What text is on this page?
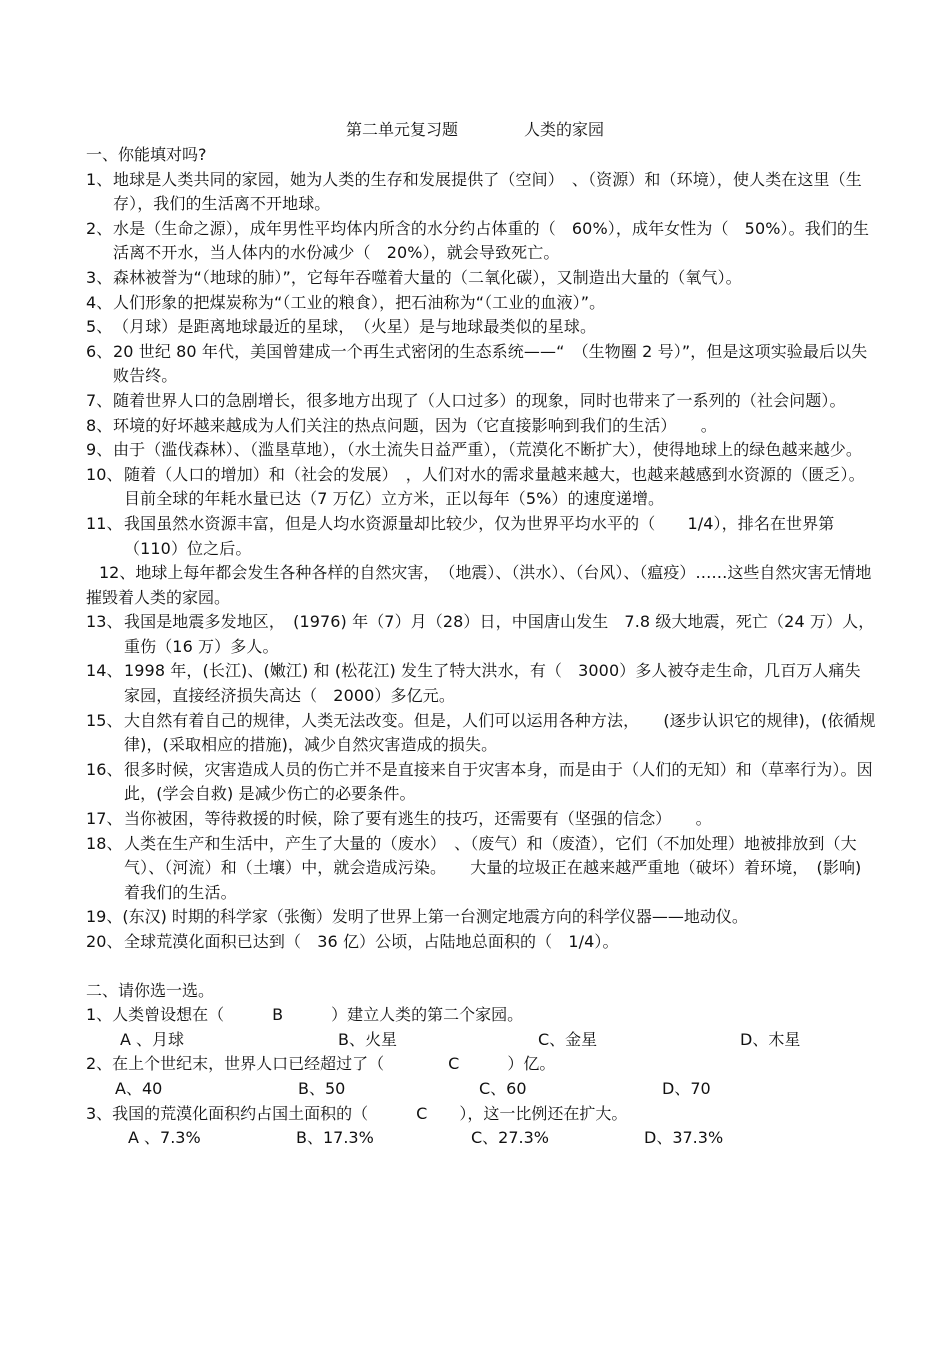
第二单元复习题	人类的家园
一、你能填对吗?
1、 地球是人类共同的家园，她为人类的生存和发展提供了（空间）　、（资源）和（环境），使人类在这里（生存），我们的生活离不开地球。
2、 水是（生命之源），成年男性平均体内所含的水分约占体重的（　60%），成年女性为（　50%）。我们的生活离不开水，当人体内的水份减少（　20%），就会导致死亡。
3、 森林被誉为“（地球的肺）”，它每年吞噬着大量的（二氧化碳），又制造出大量的（氧气）。
4、 人们形象的把煤炭称为“（工业的粮食），把石油称为“（工业的血液）”。
5、 （月球）是距离地球最近的星球，　（火星）是与地球最类似的星球。
6、 20 世纪 80 年代，美国曾建成一个再生式密闭的生态系统——“　（生物圈 2 号）”，但是这项实验最后以失败告终。
7、 随着世界人口的急剧增长，很多地方出现了（人口过多）的现象，同时也带来了一系列的（社会问题）。
8、 环境的好坏越来越成为人们关注的热点问题，因为（它直接影响到我们的生活）　　。
9、 由于（滥伐森林）、（滥垦草地），（水土流失日益严重），（荒漠化不断扩大），使得地球上的绿色越来越少。
10、 随着（人口的增加）和（社会的发展）　，人们对水的需求量越来越大，也越来越感到水资源的（匮乏）。目前全球的年耗水量已达（7 万亿）立方米，正以每年（5%）的速度递增。
11、 我国虽然水资源丰富，但是人均水资源量却比较少，仅为世界平均水平的（　　1/4），排名在世界第（110）位之后。
12、地球上每年都会发生各种各样的自然灾害，　（地震）、（洪水）、（台风）、（瘟疫）……这些自然灾害无情地摧毁着人类的家园。
13、 我国是地震多发地区，　(1976) 年（7）月（28）日，中国唐山发生　7.8 级大地震，死亡（24 万）人，重伤（16 万）多人。
14、 1998 年，(长江)、(嫩江) 和 (松花江) 发生了特大洪水，有（　3000）多人被夺走生命，几百万人痛失家园，直接经济损失高达（　2000）多亿元。
15、 大自然有着自己的规律，人类无法改变。但是，人们可以运用各种方法，　　(逐步认识它的规律)，(依循规律)，(采取相应的措施)，减少自然灾害造成的损失。
16、 很多时候，灾害造成人员的伤亡并不是直接来自于灾害本身，而是由于（人们的无知）和（草率行为）。因此，(学会自救) 是减少伤亡的必要条件。
17、 当你被困，等待救援的时候，除了要有逃生的技巧，还需要有（坚强的信念）　　。
18、 人类在生产和生活中，产生了大量的（废水）　、（废气）和（废渣），它们（不加处理）地被排放到（大气）、（河流）和（土壤）中，就会造成污染。　　大量的垃圾正在越来越严重地（破坏）着环境，　(影响) 着我们的生活。
19、(东汉) 时期的科学家（张衡）发明了世界上第一台测定地震方向的科学仪器——地动仪。
20、 全球荒漠化面积已达到（　36 亿）公顷，占陆地总面积的（　1/4）。
二、请你选一选。
1、人类曾设想在（　　　B　　　）建立人类的第二个家园。
A 、月球	B、火星	C、金星	D、木星
2、在上个世纪末，世界人口已经超过了（　　　　C　　　）亿。
A、40	B、50	C、60	D、70
3、我国的荒漠化面积约占国土面积的（　　　C　　），这一比例还在扩大。
A 、7.3%	B、17.3%	C、27.3%	D、37.3%
